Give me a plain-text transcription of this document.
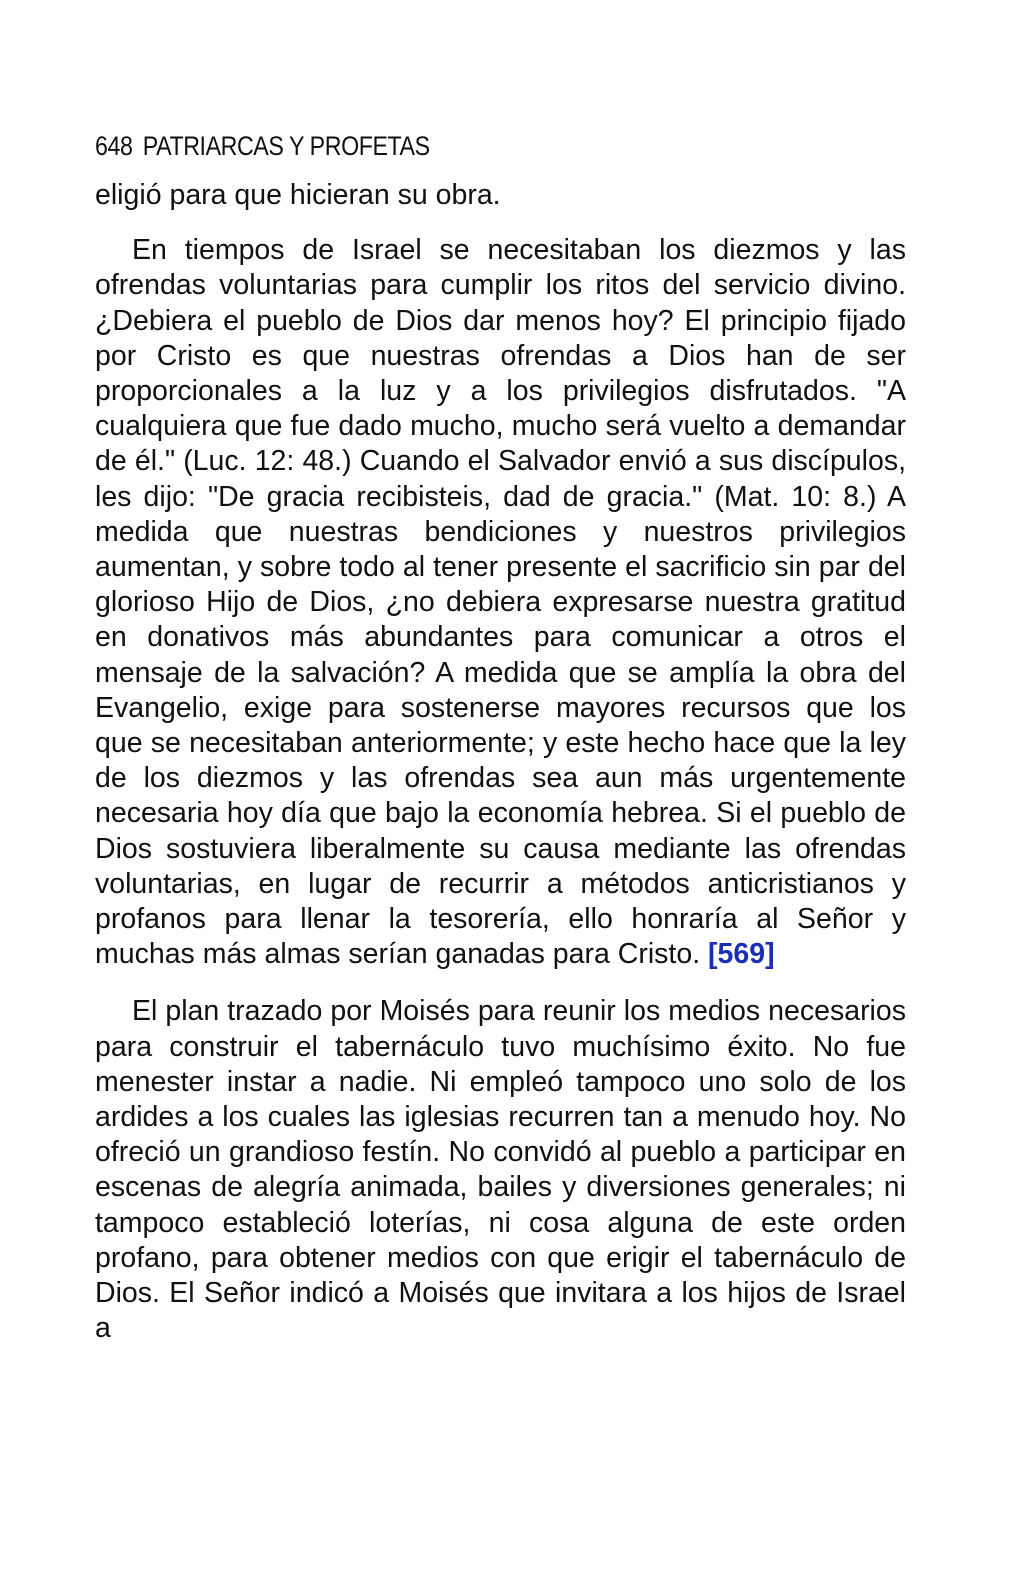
648 PATRIARCAS Y PROFETAS

eligió para que hicieran su obra.

En tiempos de Israel se necesitaban los diezmos y las ofrendas voluntarias para cumplir los ritos del servicio divino. ¿Debiera el pueblo de Dios dar menos hoy? El principio fijado por Cristo es que nuestras ofrendas a Dios han de ser proporcionales a la luz y a los privilegios disfrutados. "A cualquiera que fue dado mucho, mucho será vuelto a demandar de él." (Luc. 12: 48.) Cuando el Salvador envió a sus discípulos, les dijo: "De gracia recibisteis, dad de gracia." (Mat. 10: 8.) A medida que nuestras bendiciones y nuestros privilegios aumentan, y sobre todo al tener presente el sacrificio sin par del glorioso Hijo de Dios, ¿no debiera expresarse nuestra gratitud en donativos más abundantes para comunicar a otros el mensaje de la salvación? A medida que se amplía la obra del Evangelio, exige para sostenerse mayores recursos que los que se necesitaban anteriormente; y este hecho hace que la ley de los diezmos y las ofrendas sea aun más urgentemente necesaria hoy día que bajo la economía hebrea. Si el pueblo de Dios sostuviera liberalmente su causa mediante las ofrendas voluntarias, en lugar de recurrir a métodos anticristianos y profanos para llenar la tesorería, ello honraría al Señor y muchas más almas serían ganadas para Cristo. [569]

El plan trazado por Moisés para reunir los medios necesarios para construir el tabernáculo tuvo muchísimo éxito. No fue menester instar a nadie. Ni empleó tampoco uno solo de los ardides a los cuales las iglesias recurren tan a menudo hoy. No ofreció un grandioso festín. No convidó al pueblo a participar en escenas de alegría animada, bailes y diversiones generales; ni tampoco estableció loterías, ni cosa alguna de este orden profano, para obtener medios con que erigir el tabernáculo de Dios. El Señor indicó a Moisés que invitara a los hijos de Israel a
